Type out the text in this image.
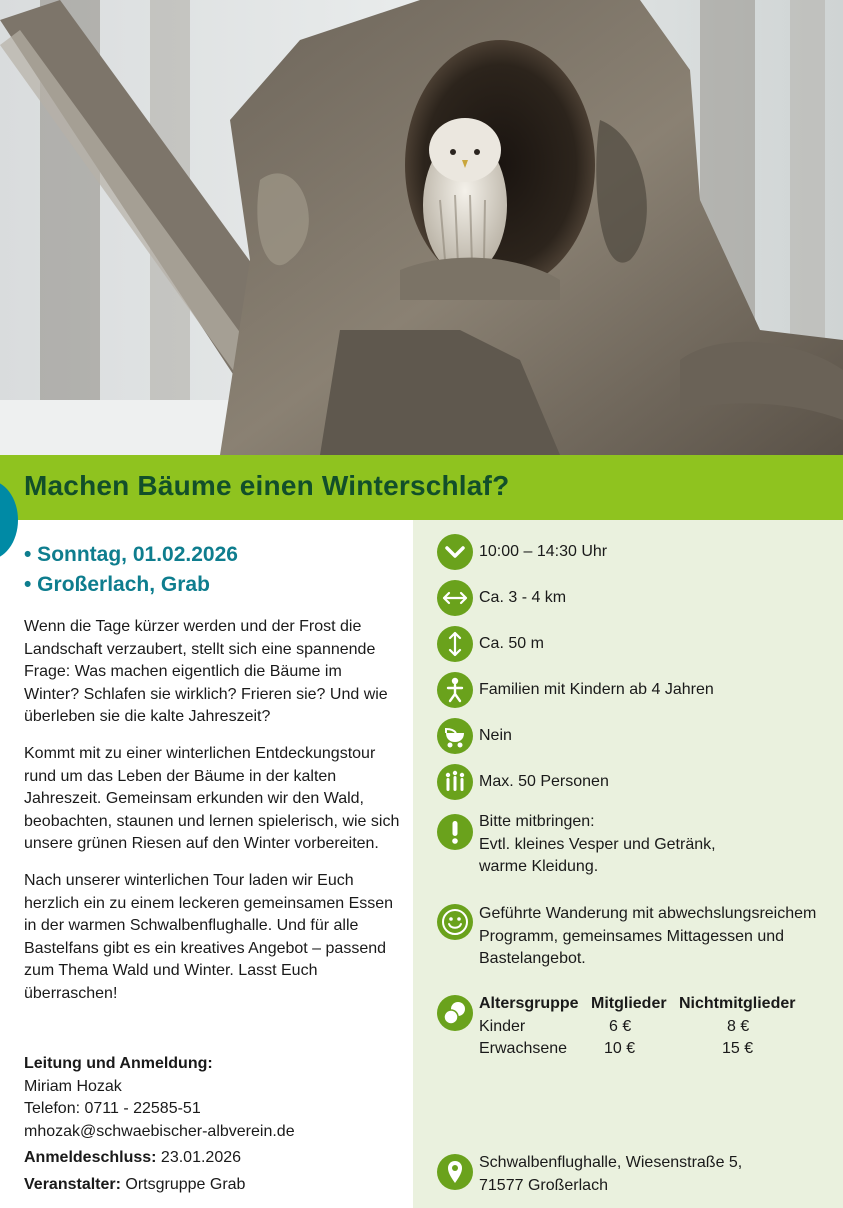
Machen Bäume einen Winterschlaf?
• Sonntag, 01.02.2026
• Großerlach, Grab

Wenn die Tage kürzer werden und der Frost die Landschaft verzaubert, stellt sich eine spannende Frage: Was machen eigentlich die Bäume im Winter? Schlafen sie wirklich? Frieren sie? Und wie überleben sie die kalte Jahreszeit?

Kommt mit zu einer winterlichen Entdeckungstour rund um das Leben der Bäume in der kalten Jahreszeit. Gemeinsam erkunden wir den Wald, beobachten, staunen und lernen spielerisch, wie sich unsere grünen Riesen auf den Winter vorbereiten.

Nach unserer winterlichen Tour laden wir Euch herzlich ein zu einem leckeren gemeinsamen Essen in der warmen Schwalbenflughalle. Und für alle Bastelfans gibt es ein kreatives Angebot – passend zum Thema Wald und Winter. Lasst Euch überraschen!

Leitung und Anmeldung:
Miriam Hozak
Telefon: 0711 - 22585-51
mhozak@schwaebischer-albverein.de
Anmeldeschluss: 23.01.2026
Veranstalter: Ortsgruppe Grab
10:00 – 14:30 Uhr
Ca. 3 - 4 km
Ca. 50 m
Familien mit Kindern ab 4 Jahren
Nein
Max. 50 Personen
Bitte mitbringen:
Evtl. kleines Vesper und Getränk,
warme Kleidung.
Geführte Wanderung mit abwechslungsreichem Programm, gemeinsames Mittagessen und Bastelangebot.
Altersgruppe	Mitglieder	Nichtmitglieder
Kinder	6 €	8 €
Erwachsene	10 €	15 €
Schwalbenflughalle, Wiesenstraße 5,
71577 Großerlach
